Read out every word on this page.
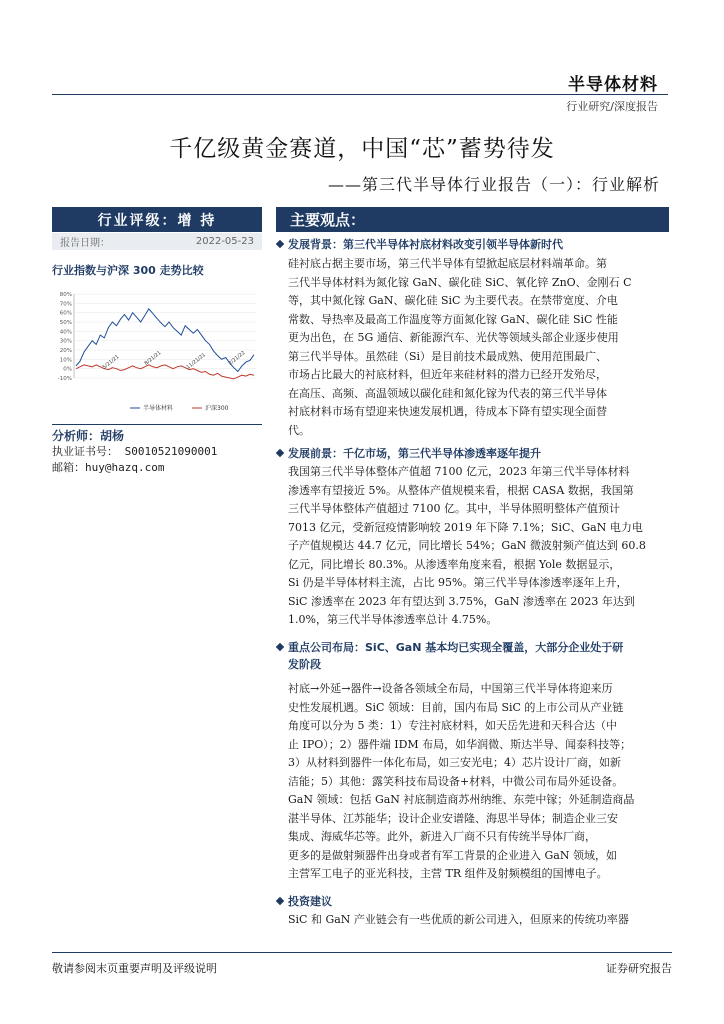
半导体材料
行业研究/深度报告
千亿级黄金赛道，中国“芯”蓄势待发
——第三代半导体行业报告（一）：行业解析
行业评级：增 持
报告日期：	2022-05-23
行业指数与沪深 300 走势比较
80%
70%
60%
50%
40%
30%
20%
10%
0%
-10%
5/21/21	8/21/21	11/21/21	2/21/22
半导体材料	沪深300
分析师：胡杨
执业证书号： S0010521090001
邮箱：huy@hazq.com
主要观点：
发展背景：第三代半导体衬底材料改变引领半导体新时代
硅衬底占据主要市场，第三代半导体有望掀起底层材料端革命。第
三代半导体材料为氮化镓 GaN、碳化硅 SiC、氧化锌 ZnO、金刚石 C
等，其中氮化镓 GaN、碳化硅 SiC 为主要代表。在禁带宽度、介电
常数、导热率及最高工作温度等方面氮化镓 GaN、碳化硅 SiC 性能
更为出色，在 5G 通信、新能源汽车、光伏等领域头部企业逐步使用
第三代半导体。虽然硅（Si）是目前技术最成熟、使用范围最广、
市场占比最大的衬底材料，但近年来硅材料的潜力已经开发殆尽，
在高压、高频、高温领域以碳化硅和氮化镓为代表的第三代半导体
衬底材料市场有望迎来快速发展机遇，待成本下降有望实现全面替
代。
发展前景：千亿市场，第三代半导体渗透率逐年提升
我国第三代半导体整体产值超 7100 亿元，2023 年第三代半导体材料
渗透率有望接近 5%。从整体产值规模来看，根据 CASA 数据，我国第
三代半导体整体产值超过 7100 亿。其中，半导体照明整体产值预计
7013 亿元，受新冠疫情影响较 2019 年下降 7.1%；SiC、GaN 电力电
子产值规模达 44.7 亿元，同比增长 54%；GaN 微波射频产值达到 60.8
亿元，同比增长 80.3%。从渗透率角度来看，根据 Yole 数据显示，
Si 仍是半导体材料主流，占比 95%。第三代半导体渗透率逐年上升，
SiC 渗透率在 2023 年有望达到 3.75%，GaN 渗透率在 2023 年达到
1.0%，第三代半导体渗透率总计 4.75%。
重点公司布局：SiC、GaN 基本均已实现全覆盖，大部分企业处于研
发阶段
衬底→外延→器件→设备各领域全布局，中国第三代半导体将迎来历
史性发展机遇。SiC 领域：目前，国内布局 SiC 的上市公司从产业链
角度可以分为 5 类：1）专注衬底材料，如天岳先进和天科合达（中
止 IPO）；2）器件端 IDM 布局，如华润微、斯达半导、闻泰科技等；
3）从材料到器件一体化布局，如三安光电；4）芯片设计厂商，如新
洁能；5）其他：露笑科技布局设备+材料，中微公司布局外延设备。
GaN 领域：包括 GaN 衬底制造商苏州纳维、东莞中镓；外延制造商晶
湛半导体、江苏能华；设计企业安谱隆、海思半导体；制造企业三安
集成、海威华芯等。此外，新进入厂商不只有传统半导体厂商，
更多的是做射频器件出身或者有军工背景的企业进入 GaN 领域，如
主营军工电子的亚光科技，主营 TR 组件及射频模组的国博电子。
投资建议
SiC 和 GaN 产业链会有一些优质的新公司进入，但原来的传统功率器
敬请参阅末页重要声明及评级说明	证券研究报告
